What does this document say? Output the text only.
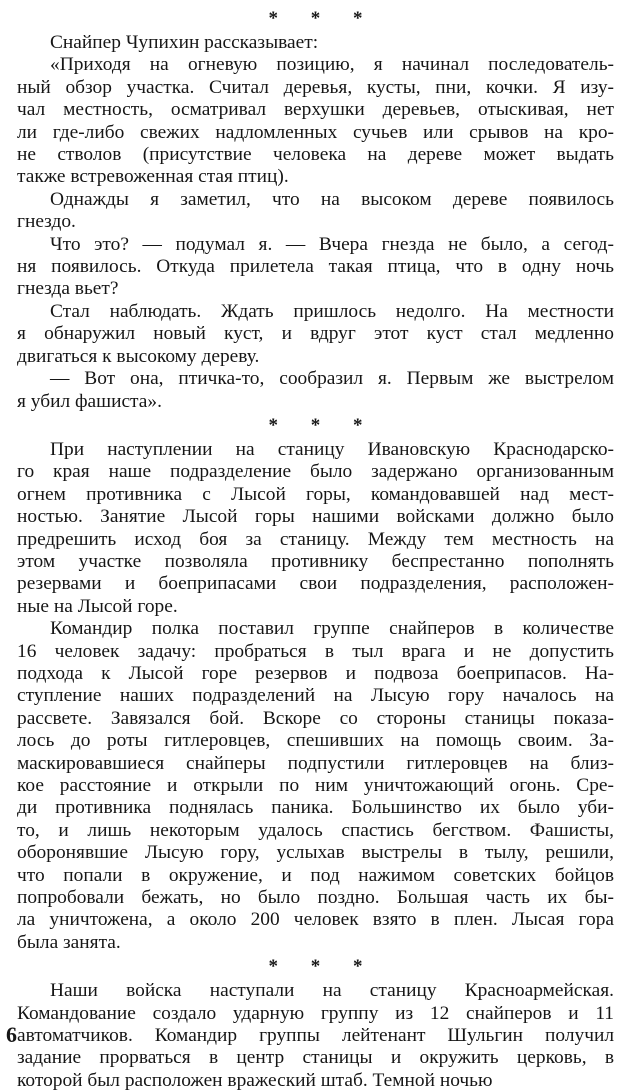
* * *

Снайпер Чупихин рассказывает:

«Приходя на огневую позицию, я начинал последователь-
ный обзор участка. Считал деревья, кусты, пни, кочки. Я изу-
чал местность, осматривал верхушки деревьев, отыскивая, нет
ли где-либо свежих надломленных сучьев или срывов на кро-
не стволов (присутствие человека на дереве может выдать
также встревоженная стая птиц).

Однажды я заметил, что на высоком дереве появилось
гнездо.

Что это? — подумал я. — Вчера гнезда не было, а сегод-
ня появилось. Откуда прилетела такая птица, что в одну ночь
гнезда вьет?

Стал наблюдать. Ждать пришлось недолго. На местности
я обнаружил новый куст, и вдруг этот куст стал медленно
двигаться к высокому дереву.

— Вот она, птичка-то, сообразил я. Первым же выстрелом
я убил фашиста».

* * *

При наступлении на станицу Ивановскую Краснодарско-
го края наше подразделение было задержано организованным
огнем противника с Лысой горы, командовавшей над мест-
ностью. Занятие Лысой горы нашими войсками должно было
предрешить исход боя за станицу. Между тем местность на
этом участке позволяла противнику беспрестанно пополнять
резервами и боеприпасами свои подразделения, расположен-
ные на Лысой горе.

Командир полка поставил группе снайперов в количестве
16 человек задачу: пробраться в тыл врага и не допустить
подхода к Лысой горе резервов и подвоза боеприпасов. На-
ступление наших подразделений на Лысую гору началось на
рассвете. Завязался бой. Вскоре со стороны станицы показа-
лось до роты гитлеровцев, спешивших на помощь своим. За-
маскировавшиеся снайперы подпустили гитлеровцев на близ-
кое расстояние и открыли по ним уничтожающий огонь. Сре-
ди противника поднялась паника. Большинство их было уби-
то, и лишь некоторым удалось спастись бегством. Фашисты,
оборонявшие Лысую гору, услыхав выстрелы в тылу, решили,
что попали в окружение, и под нажимом советских бойцов
попробовали бежать, но было поздно. Большая часть их бы-
ла уничтожена, а около 200 человек взято в плен. Лысая гора
была занята.

* * *

Наши войска наступали на станицу Красноармейская.
Командование создало ударную группу из 12 снайперов и 11
автоматчиков. Командир группы лейтенант Шульгин получил
задание прорваться в центр станицы и окружить церковь, в
которой был расположен вражеский штаб. Темной ночью

6
